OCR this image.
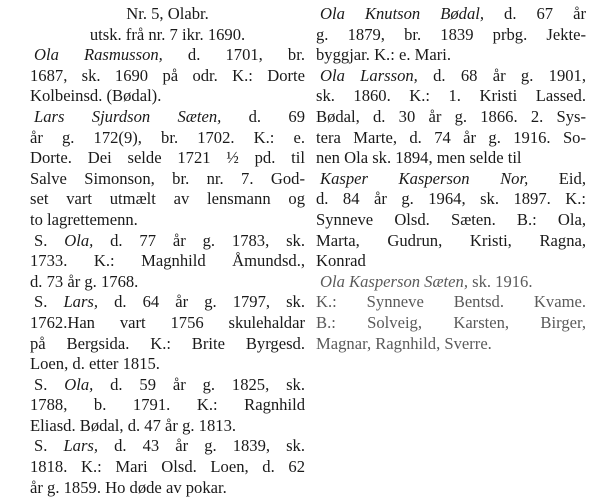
Nr. 5, Olabr.
utsk. frå nr. 7 ikr. 1690.
Ola Rasmusson, d. 1701, br.
1687, sk. 1690 på odr. K.: Dorte
Kolbeinsd. (Bødal).
Lars Sjurdson Sæten, d. 69
år g. 172(9), br. 1702. K.: e.
Dorte. Dei selde 1721 ½ pd. til
Salve Simonson, br. nr. 7. God-
set vart utmælt av lensmann og
to lagrettemenn.
S. Ola, d. 77 år g. 1783, sk.
1733. K.: Magnhild Åmundsd.,
d. 73 år g. 1768.
S. Lars, d. 64 år g. 1797, sk.
1762.Han vart 1756 skulehaldar
på Bergsida. K.: Brite Byrgesd.
Loen, d. etter 1815.
S. Ola, d. 59 år g. 1825, sk.
1788, b. 1791. K.: Ragnhild
Eliasd. Bødal, d. 47 år g. 1813.
S. Lars, d. 43 år g. 1839, sk.
1818. K.: Mari Olsd. Loen, d. 62
år g. 1859. Ho døde av pokar.
Ola Knutson Bødal, d. 67 år
g. 1879, br. 1839 prbg. Jekte-
byggjar. K.: e. Mari.
Ola Larsson, d. 68 år g. 1901,
sk. 1860. K.: 1. Kristi Lassed.
Bødal, d. 30 år g. 1866. 2. Sys-
tera Marte, d. 74 år g. 1916. So-
nen Ola sk. 1894, men selde til
Kasper Kasperson Nor, Eid,
d. 84 år g. 1964, sk. 1897. K.:
Synneve Olsd. Sæten. B.: Ola,
Marta, Gudrun, Kristi, Ragna,
Konrad
Ola Kasperson Sæten, sk. 1916.
K.: Synneve Bentsd. Kvame.
B.: Solveig, Karsten, Birger,
Magnar, Ragnhild, Sverre.
